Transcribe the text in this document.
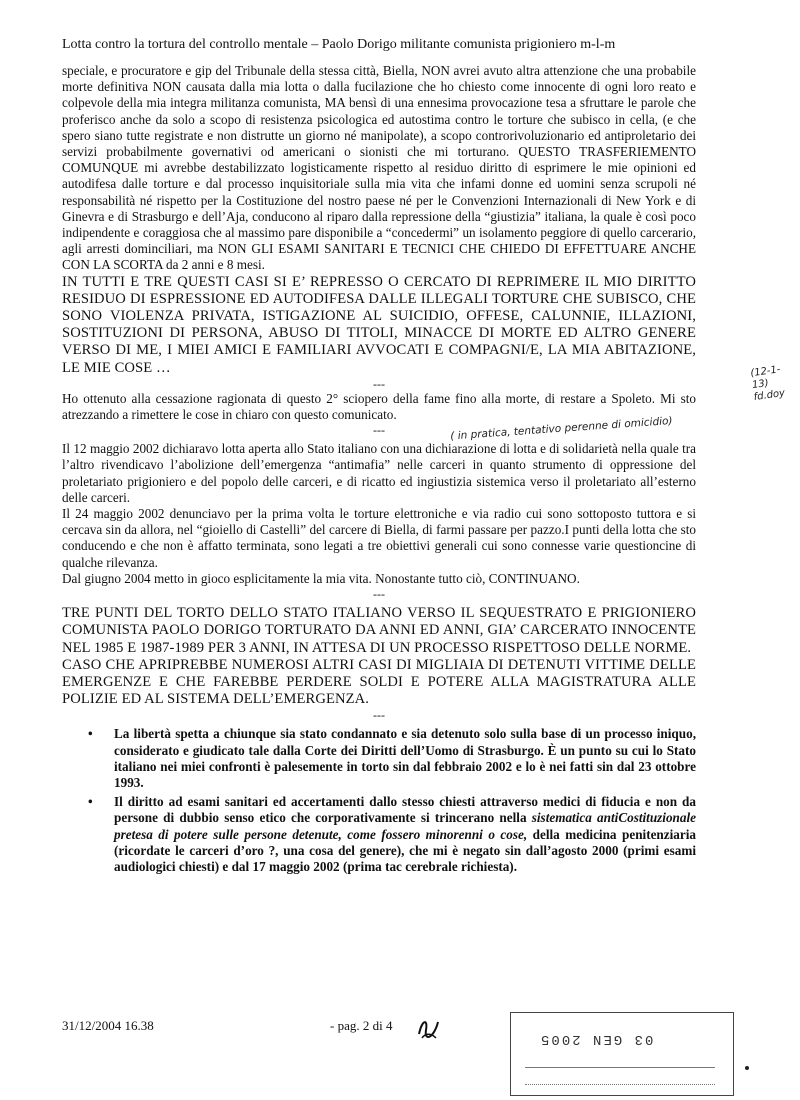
Lotta contro la tortura del controllo mentale – Paolo Dorigo militante comunista prigioniero m-l-m

speciale, e procuratore e gip del Tribunale della stessa città, Biella, NON avrei avuto altra attenzione che una probabile morte definitiva NON causata dalla mia lotta o dalla fucilazione che ho chiesto come innocente di ogni loro reato e colpevole della mia integra militanza comunista, MA bensì di una ennesima provocazione tesa a sfruttare le parole che proferisco anche da solo a scopo di resistenza psicologica ed autostima contro le torture che subisco in cella, (e che spero siano tutte registrate e non distrutte un giorno né manipolate), a scopo controrivoluzionario ed antiproletario dei servizi probabilmente governativi od americani o sionisti che mi torturano. QUESTO TRASFERIEMENTO COMUNQUE mi avrebbe destabilizzato logisticamente rispetto al residuo diritto di esprimere le mie opinioni ed autodifesa dalle torture e dal processo inquisitoriale sulla mia vita che infami donne ed uomini senza scrupoli né responsabilità né rispetto per la Costituzione del nostro paese né per le Convenzioni Internazionali di New York e di Ginevra e di Strasburgo e dell’Aja, conducono al riparo dalla repressione della “giustizia” italiana, la quale è così poco indipendente e coraggiosa che al massimo pare disponibile a “concedermi” un isolamento peggiore di quello carcerario, agli arresti dominciliari, ma NON GLI ESAMI SANITARI E TECNICI CHE CHIEDO DI EFFETTUARE ANCHE CON LA SCORTA da 2 anni e 8 mesi.

IN TUTTI E TRE QUESTI CASI SI E’ REPRESSO O CERCATO DI REPRIMERE IL MIO DIRITTO RESIDUO DI ESPRESSIONE ED AUTODIFESA DALLE ILLEGALI TORTURE CHE SUBISCO, CHE SONO VIOLENZA PRIVATA, ISTIGAZIONE AL SUICIDIO, OFFESE, CALUNNIE, ILLAZIONI, SOSTITUZIONI DI PERSONA, ABUSO DI TITOLI, MINACCE DI MORTE ED ALTRO GENERE VERSO DI ME, I MIEI AMICI E FAMILIARI AVVOCATI E COMPAGNI/E, LA MIA ABITAZIONE, LE MIE COSE …

---

Ho ottenuto alla cessazione ragionata di questo 2° sciopero della fame fino alla morte, di restare a Spoleto. Mi sto atrezzando a rimettere le cose in chiaro con questo comunicato.

---

Il 12 maggio 2002 dichiaravo lotta aperta allo Stato italiano con una dichiarazione di lotta e di solidarietà nella quale tra l’altro rivendicavo l’abolizione dell’emergenza “antimafia” nelle carceri in quanto strumento di oppressione del proletariato prigioniero e del popolo delle carceri, e di ricatto ed ingiustizia sistemica verso il proletariato all’esterno delle carceri.

Il 24 maggio 2002 denunciavo per la prima volta le torture elettroniche e via radio cui sono sottoposto tuttora e si cercava sin da allora, nel “gioiello di Castelli” del carcere di Biella, di farmi passare per pazzo.I punti della lotta che sto conducendo e che non è affatto terminata, sono legati a tre obiettivi generali cui sono connesse varie questioncine di qualche rilevanza.

Dal giugno 2004 metto in gioco esplicitamente la mia vita. Nonostante tutto ciò, CONTINUANO.

---

TRE PUNTI DEL TORTO DELLO STATO ITALIANO VERSO IL SEQUESTRATO E PRIGIONIERO COMUNISTA PAOLO DORIGO TORTURATO DA ANNI ED ANNI, GIA’ CARCERATO INNOCENTE NEL 1985 E 1987-1989 PER 3 ANNI, IN ATTESA DI UN PROCESSO RISPETTOSO DELLE NORME.

CASO CHE APRIPREBBE NUMEROSI ALTRI CASI DI MIGLIAIA DI DETENUTI VITTIME DELLE EMERGENZE E CHE FAREBBE PERDERE SOLDI E POTERE ALLA MAGISTRATURA ALLE POLIZIE ED AL SISTEMA DELL’EMERGENZA.

---

• La libertà spetta a chiunque sia stato condannato e sia detenuto solo sulla base di un processo iniquo, considerato e giudicato tale dalla Corte dei Diritti dell’Uomo di Strasburgo. È un punto su cui lo Stato italiano nei miei confronti è palesemente in torto sin dal febbraio 2002 e lo è nei fatti sin dal 23 ottobre 1993.
• Il diritto ad esami sanitari ed accertamenti dallo stesso chiesti attraverso medici di fiducia e non da persone di dubbio senso etico che corporativamente si trincerano nella sistematica antiCostituzionale pretesa di potere sulle persone detenute, come fossero minorenni o cose, della medicina penitenziaria (ricordate le carceri d’oro ?, una cosa del genere), che mi è negato sin dall’agosto 2000 (primi esami audiologici chiesti) e dal 17 maggio 2002 (prima tac cerebrale richiesta).
( in pratica, tentativo perenne di omicidio)
(12-1-13) fd.doy
31/12/2004 16.38	- pag. 2 di 4
03 GEN 2005
